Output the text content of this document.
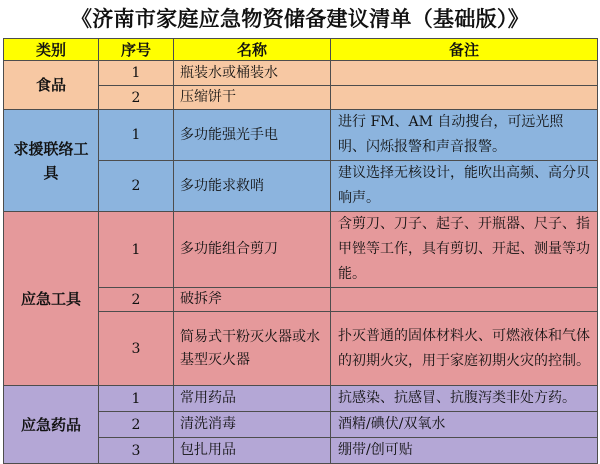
《济南市家庭应急物资储备建议清单（基础版）》
类别	序号	名称	备注
食品	1	瓶装水或桶装水	
	2	压缩饼干	
求援联络工具	1	多功能强光手电	进行 FM、AM 自动搜台，可远光照明、闪烁报警和声音报警。
	2	多功能求救哨	建议选择无核设计，能吹出高频、高分贝响声。
应急工具	1	多功能组合剪刀	含剪刀、刀子、起子、开瓶器、尺子、指甲锉等工作，具有剪切、开起、测量等功能。
	2	破拆斧	
	3	简易式干粉灭火器或水基型灭火器	扑灭普通的固体材料火、可燃液体和气体的初期火灾，用于家庭初期火灾的控制。
应急药品	1	常用药品	抗感染、抗感冒、抗腹泻类非处方药。
	2	清洗消毒	酒精/碘伏/双氧水
	3	包扎用品	绷带/创可贴
